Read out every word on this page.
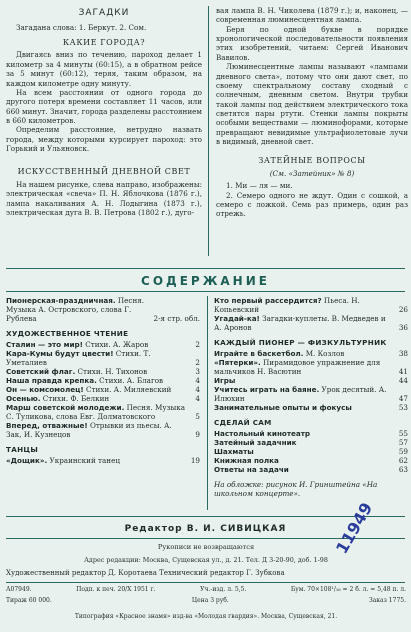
ЗАГАДКИ

Загадана слова: 1. Беркут. 2. Сом.

КАКИЕ ГОРОДА?

Двигаясь вниз по течению, пароход делает 1 километр за 4 минуты (60:15), а в обратном рейсе за 5 минут (60:12), теряя, таким образом, на каждом километре одну минуту.

На всем расстоянии от одного города до другого потеря времени составляет 11 часов, или 660 минут. Значит, города разделены расстоянием в 660 километров.

Определим расстояние, нетрудно назвать города, между которыми курсирует пароход: это Горький и Ульяновск.

ИСКУССТВЕННЫЙ ДНЕВНОЙ СВЕТ

На нашем рисунке, слева направо, изображены: электрическая «свеча» П. Н. Яблочкова (1876 г.), лампа накаливания А. Н. Лодыгина (1873 г.), электрическая дуга В. В. Петрова (1802 г.), дуго-

вая лампа В. Н. Чиколева (1879 г.); и, наконец, — современная люминесцентная лампа.

Беря по одной букве в порядке хронологической последовательности появления этих изобретений, читаем: Сергей Иванович Вавилов.

Люминесцентные лампы называют «лампами дневного света», потому что они дают свет, по своему спектральному составу сходный с солнечным, дневным светом. Внутри трубки такой лампы под действием электрического тока светятся пары ртути. Стенки лампы покрыты особыми веществами — люминофорами, которые превращают невидимые ультрафиолетовые лучи в видимый, дневной свет.

ЗАТЕЙНЫЕ ВОПРОСЫ
(См. «Затейник» № 8)

1. Ми — ля — ми.

2. Семеро одного не ждут. Один с сошкой, а семеро с ложкой. Семь раз примерь, один раз отрежь.

СОДЕРЖАНИЕ
Пионерская-праздничная. Песня. Музыка А. Островского, слова Г. Рублева	2-я стр. обл.
ХУДОЖЕСТВЕННОЕ ЧТЕНИЕ
Сталин — это мир! Стихи. А. Жаров	2
Кара-Кумы будут цвести! Стихи. Т. Уметалиев	2
Советский флаг. Стихи. Н. Тихонов	3
Наша правда крепка. Стихи. А. Благов	4
Он — комсомолец! Стихи. А. Миляевский	4
Осенью. Стихи. Ф. Белкин	4
Марш советской молодежи. Песня. Музыка С. Туликова, слова Евг. Долматовского	5
Вперед, отважные! Отрывки из пьесы. А. Зак, И. Кузнецов	9
ТАНЦЫ
«Дощик». Украинский танец	19
Кто первый рассердится? Пьеса. Н. Копьевский	26
Угадай-ка! Загадки-куплеты. В. Медведев и А. Аронов	36
КАЖДЫЙ ПИОНЕР — ФИЗКУЛЬТУРНИК
Играйте в баскетбол. М. Козлов	38
«Пятерки». Пирамидовое упражнение для мальчиков Н. Васютин	41
Игры	44
Учитесь играть на баяне. Урок десятый. А. Илюхин	47
Занимательные опыты и фокусы	53
СДЕЛАЙ САМ
Настольный кинотеатр	55
Затейный задачник	57
Шахматы	59
Книжная полка	62
Ответы на задачи	63
На обложке: рисунок И. Гринштейна «На школьном концерте».
Редактор В. И. СИВИЦКАЯ
Рукописи не возвращаются
Адрес редакции: Москва, Сущевская ул., д. 21. Тел. Д 3-20-90, доб. 1-98
Художественный редактор Д. Коротаева Технический редактор Г. Зубкова
А07949.	Подп. к печ. 20/X 1951 г.	Уч.-изд. л. 5,5.	Бум. 70×108¹/₁₆ = 2 б. л. = 5,48 п. л.
Тираж 60 000.	Цена 3 руб.	Заказ 1775.
Типография «Красное знамя» изд-ва «Молодая гвардия». Москва, Сущевская, 21.
11949
